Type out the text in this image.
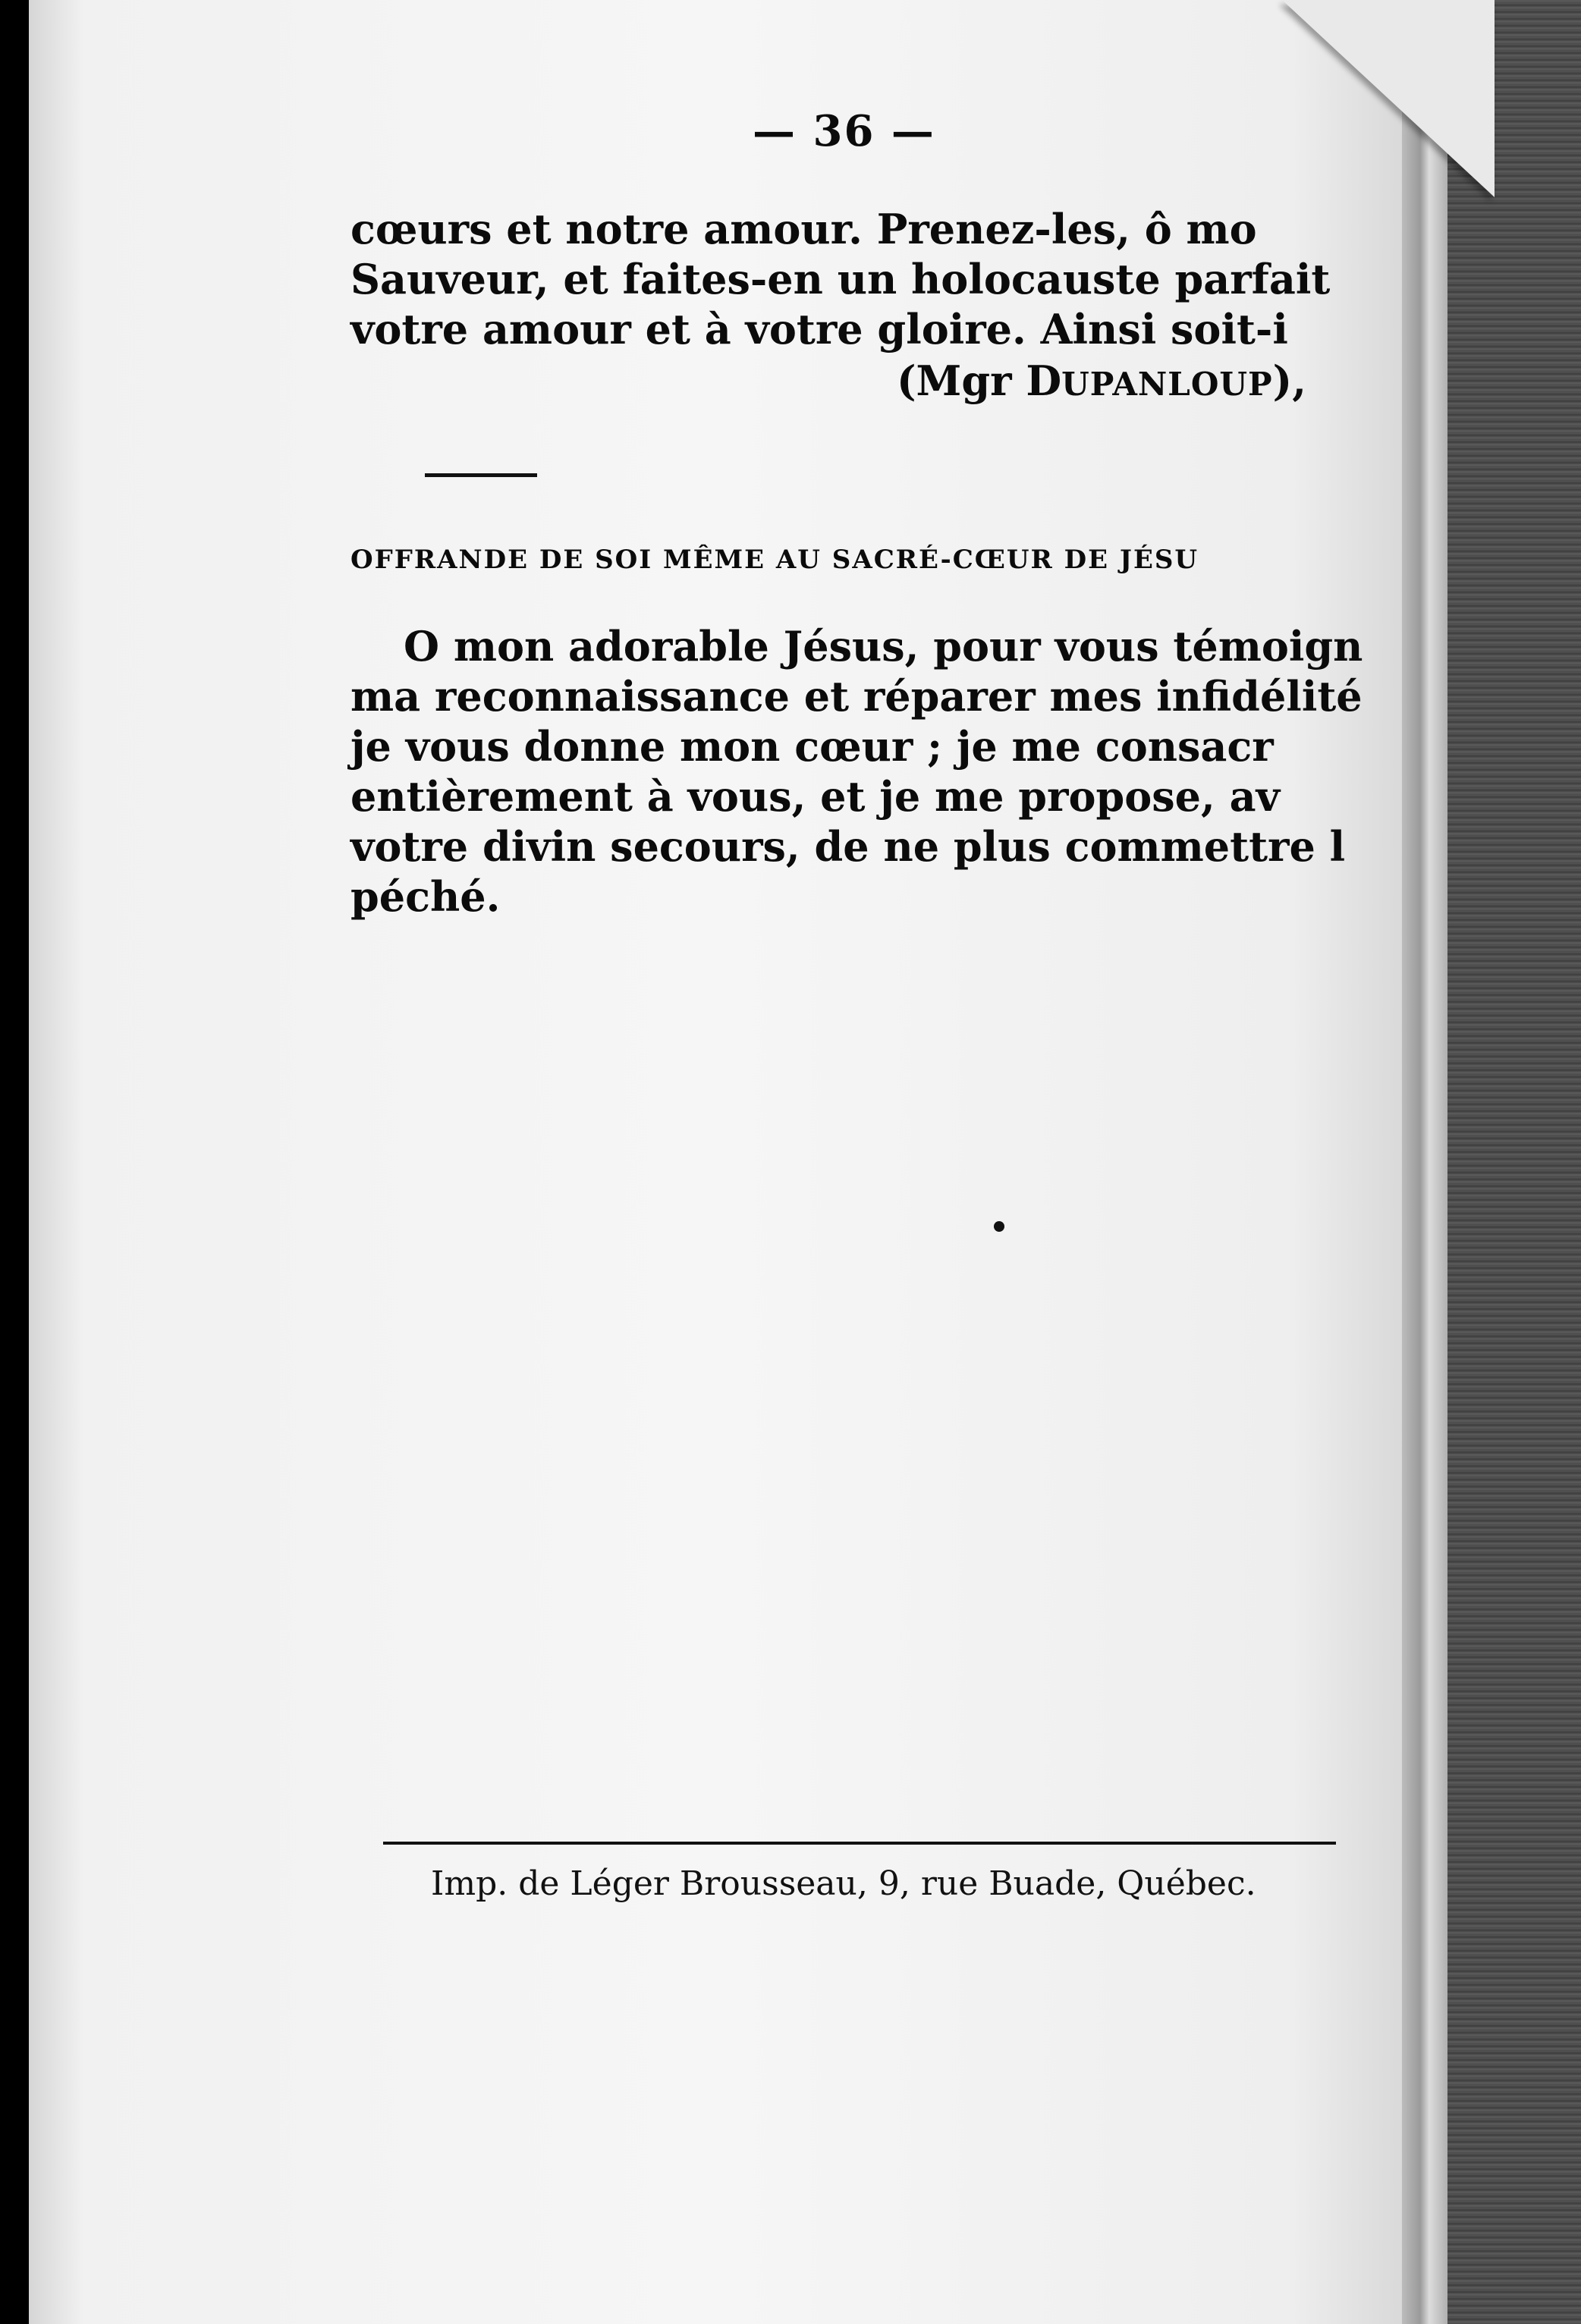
— 36 —
cœurs et notre amour. Prenez-les, ô mo
Sauveur, et faites-en un holocauste parfait
votre amour et à votre gloire. Ainsi soit-i
(Mgr DUPANLOUP),
OFFRANDE DE SOI MÊME AU SACRÉ-CŒUR DE JÉSU
O mon adorable Jésus, pour vous témoign
ma reconnaissance et réparer mes infidélité
je vous donne mon cœur ; je me consacr
entièrement à vous, et je me propose, av
votre divin secours, de ne plus commettre l
péché.
Imp. de Léger Brousseau, 9, rue Buade, Québec.
